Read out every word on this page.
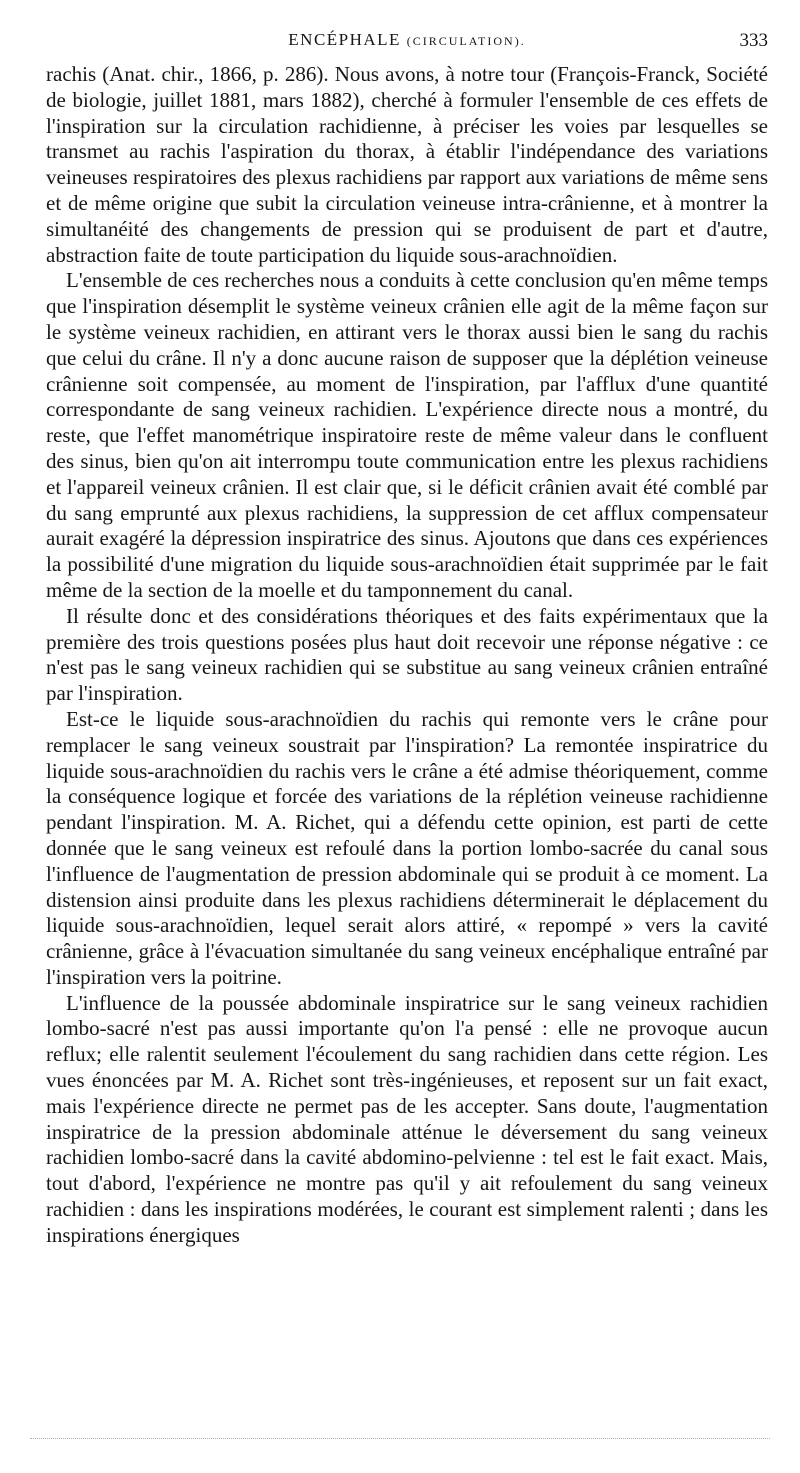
ENCÉPHALE (CIRCULATION).	333

rachis (Anat. chir., 1866, p. 286). Nous avons, à notre tour (François-Franck, Société de biologie, juillet 1881, mars 1882), cherché à formuler l'ensemble de ces effets de l'inspiration sur la circulation rachidienne, à préciser les voies par lesquelles se transmet au rachis l'aspiration du thorax, à établir l'indépendance des variations veineuses respiratoires des plexus rachidiens par rapport aux variations de même sens et de même origine que subit la circulation veineuse intra-crânienne, et à montrer la simultanéité des changements de pression qui se produisent de part et d'autre, abstraction faite de toute participation du liquide sous-arachnoïdien.

L'ensemble de ces recherches nous a conduits à cette conclusion qu'en même temps que l'inspiration désemplit le système veineux crânien elle agit de la même façon sur le système veineux rachidien, en attirant vers le thorax aussi bien le sang du rachis que celui du crâne. Il n'y a donc aucune raison de supposer que la déplétion veineuse crânienne soit compensée, au moment de l'inspiration, par l'afflux d'une quantité correspondante de sang veineux rachidien. L'expérience directe nous a montré, du reste, que l'effet manométrique inspiratoire reste de même valeur dans le confluent des sinus, bien qu'on ait interrompu toute communication entre les plexus rachidiens et l'appareil veineux crânien. Il est clair que, si le déficit crânien avait été comblé par du sang emprunté aux plexus rachidiens, la suppression de cet afflux compensateur aurait exagéré la dépression inspiratrice des sinus. Ajoutons que dans ces expériences la possibilité d'une migration du liquide sous-arachnoïdien était supprimée par le fait même de la section de la moelle et du tamponnement du canal.

Il résulte donc et des considérations théoriques et des faits expérimentaux que la première des trois questions posées plus haut doit recevoir une réponse négative : ce n'est pas le sang veineux rachidien qui se substitue au sang veineux crânien entraîné par l'inspiration.

Est-ce le liquide sous-arachnoïdien du rachis qui remonte vers le crâne pour remplacer le sang veineux soustrait par l'inspiration? La remontée inspiratrice du liquide sous-arachnoïdien du rachis vers le crâne a été admise théoriquement, comme la conséquence logique et forcée des variations de la réplétion veineuse rachidienne pendant l'inspiration. M. A. Richet, qui a défendu cette opinion, est parti de cette donnée que le sang veineux est refoulé dans la portion lombo-sacrée du canal sous l'influence de l'augmentation de pression abdominale qui se produit à ce moment. La distension ainsi produite dans les plexus rachidiens déterminerait le déplacement du liquide sous-arachnoïdien, lequel serait alors attiré, « repompé » vers la cavité crânienne, grâce à l'évacuation simultanée du sang veineux encéphalique entraîné par l'inspiration vers la poitrine.

L'influence de la poussée abdominale inspiratrice sur le sang veineux rachidien lombo-sacré n'est pas aussi importante qu'on l'a pensé : elle ne provoque aucun reflux; elle ralentit seulement l'écoulement du sang rachidien dans cette région. Les vues énoncées par M. A. Richet sont très-ingénieuses, et reposent sur un fait exact, mais l'expérience directe ne permet pas de les accepter. Sans doute, l'augmentation inspiratrice de la pression abdominale atténue le déversement du sang veineux rachidien lombo-sacré dans la cavité abdomino-pelvienne : tel est le fait exact. Mais, tout d'abord, l'expérience ne montre pas qu'il y ait refoulement du sang veineux rachidien : dans les inspirations modérées, le courant est simplement ralenti ; dans les inspirations énergiques
